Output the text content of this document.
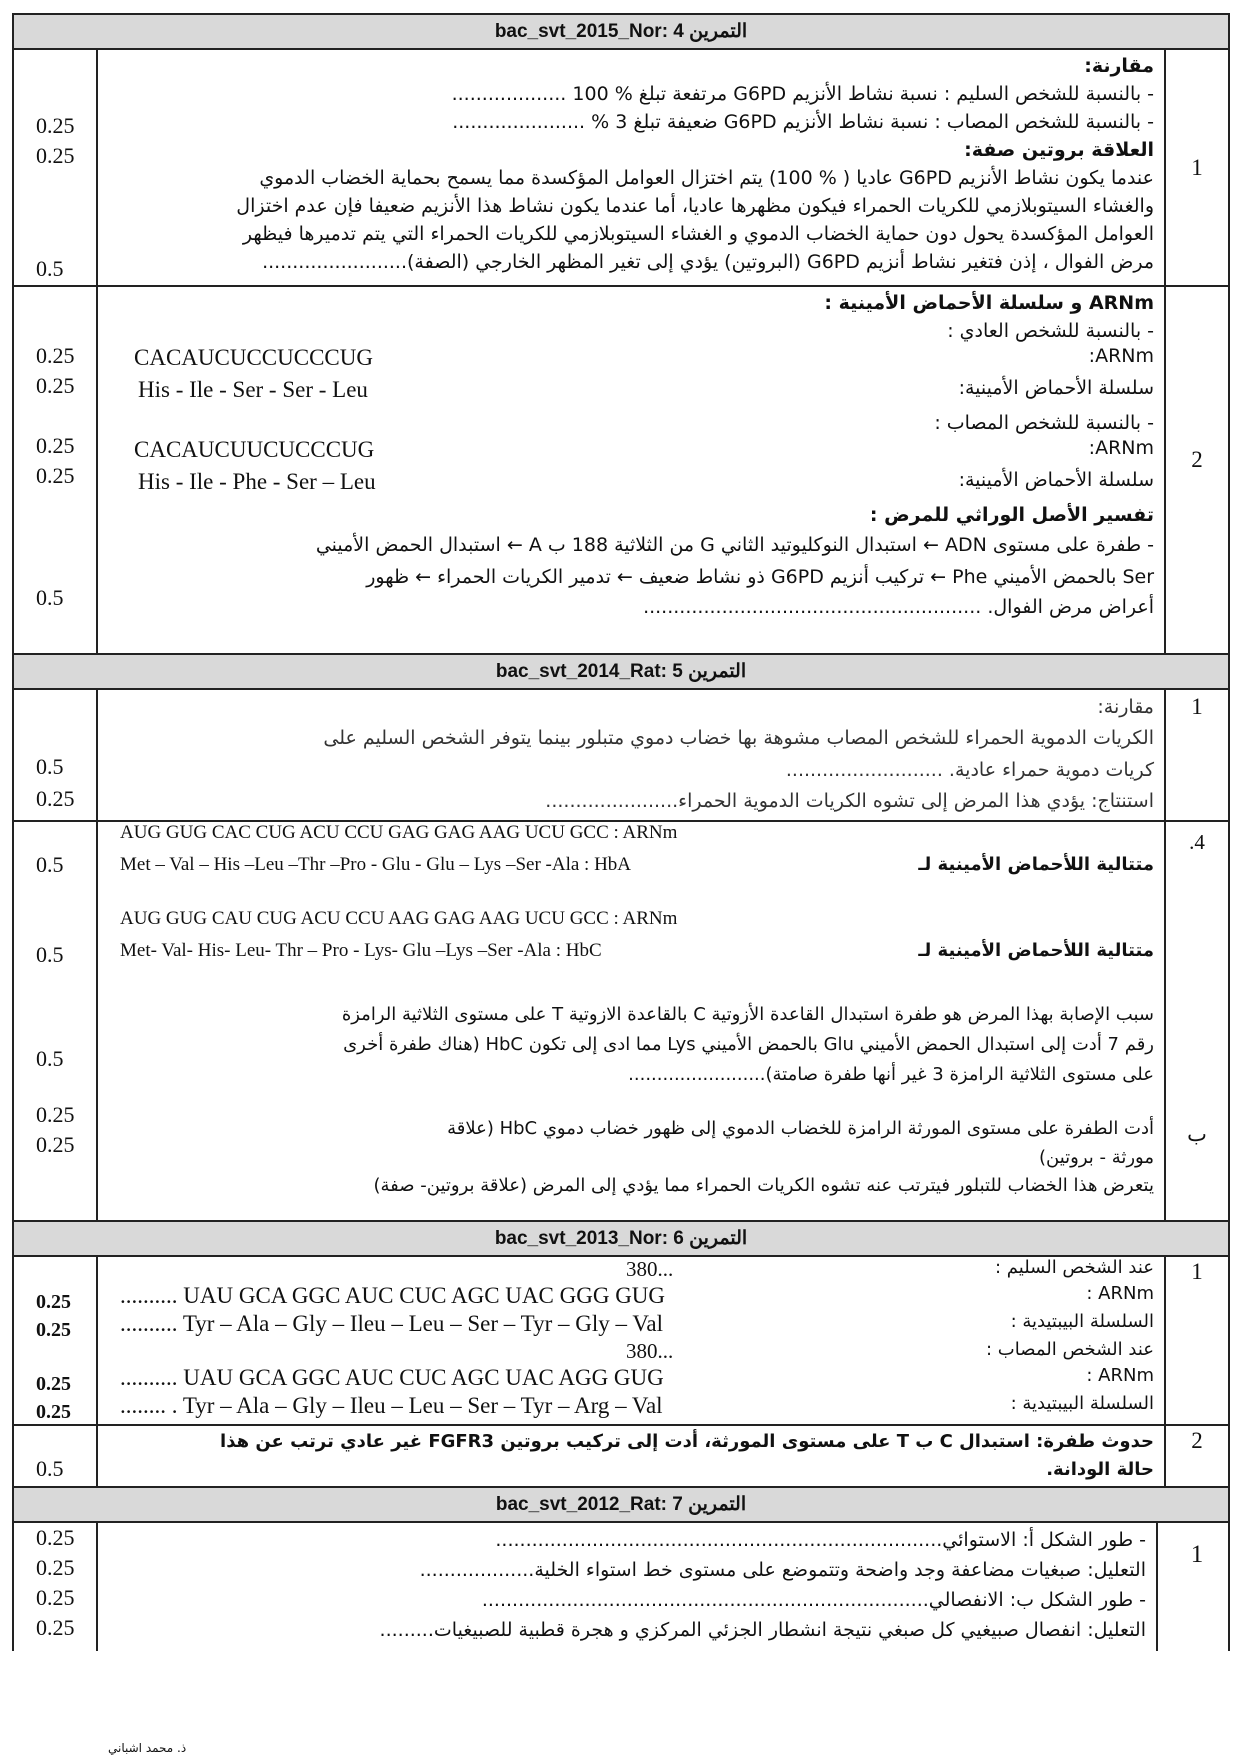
bac_svt_2015_Nor: 4 التمرين
0.25
0.25
0.5
مقارنة:
- بالنسبة للشخص السليم : نسبة نشاط الأنزيم G6PD مرتفعة تبلغ % 100 ...................
- بالنسبة للشخص المصاب : نسبة نشاط الأنزيم G6PD ضعيفة تبلغ 3 % ......................
العلاقة بروتين صفة:
عندما يكون نشاط الأنزيم G6PD عاديا ( % 100) يتم اختزال العوامل المؤكسدة مما يسمح بحماية الخضاب الدموي
والغشاء السيتوبلازمي للكريات الحمراء فيكون مظهرها عاديا، أما عندما يكون نشاط هذا الأنزيم ضعيفا فإن عدم اختزال
العوامل المؤكسدة يحول دون حماية الخضاب الدموي و الغشاء السيتوبلازمي للكريات الحمراء التي يتم تدميرها فيظهر
مرض الفوال ، إذن فتغير نشاط أنزيم G6PD (البروتين) يؤدي إلى تغير المظهر الخارجي (الصفة)........................
1
0.25
0.25
0.25
0.25
0.5
ARNm و سلسلة الأحماض الأمينية :
- بالنسبة للشخص العادي :
ARNm:
CACAUCUCCUCCCUG
سلسلة الأحماض الأمينية:
His - Ile - Ser - Ser - Leu
- بالنسبة للشخص المصاب :
ARNm:
CACAUCUUCUCCCUG
سلسلة الأحماض الأمينية:
His - Ile - Phe - Ser – Leu
تفسير الأصل الوراثي للمرض :
- طفرة على مستوى ADN ← استبدال النوكليوتيد الثاني G من الثلاثية 188 ب A ← استبدال الحمض الأميني
Ser بالحمض الأميني Phe ← تركيب أنزيم G6PD ذو نشاط ضعيف ← تدمير الكريات الحمراء ← ظهور
أعراض مرض الفوال. ........................................................
2
bac_svt_2014_Rat: 5 التمرين
0.5
0.25
مقارنة:
الكريات الدموية الحمراء للشخص المصاب مشوهة بها خضاب دموي متبلور بينما يتوفر الشخص السليم على
كريات دموية حمراء عادية. ..........................
استنتاج: يؤدي هذا المرض إلى تشوه الكريات الدموية الحمراء......................
1
0.5
0.5
0.5
0.25
0.25
AUG GUG CAC CUG ACU CCU GAG GAG AAG UCU GCC : ARNm
متتالية اللأحماض الأمينية لـ
Met – Val – His –Leu –Thr –Pro - Glu - Glu – Lys –Ser -Ala : HbA
AUG GUG CAU CUG ACU CCU AAG GAG AAG UCU GCC : ARNm
متتالية اللأحماض الأمينية لـ
Met- Val- His- Leu- Thr – Pro - Lys- Glu –Lys –Ser -Ala : HbC
سبب الإصابة بهذا المرض هو طفرة استبدال القاعدة الأزوتية C بالقاعدة الازوتية T على مستوى الثلاثية الرامزة
رقم 7 أدت إلى استبدال الحمض الأميني Glu بالحمض الأميني Lys مما ادى إلى تكون HbC (هناك طفرة أخرى
على مستوى الثلاثية الرامزة 3 غير أنها طفرة صامتة)........................
أدت الطفرة على مستوى المورثة الرامزة للخضاب الدموي إلى ظهور خضاب دموي HbC (علاقة
مورثة - بروتين)
يتعرض هذا الخضاب للتبلور فيترتب عنه تشوه الكريات الحمراء مما يؤدي إلى المرض (علاقة بروتين- صفة)
.4
ب
bac_svt_2013_Nor: 6 التمرين
0.25
0.25
0.25
0.25
عند الشخص السليم :
380...
ARNm :
.......... UAU GCA GGC AUC CUC AGC UAC GGG GUG
السلسلة البيبتيدية :
.......... Tyr – Ala – Gly – Ileu – Leu – Ser – Tyr – Gly – Val
عند الشخص المصاب :
380...
ARNm :
.......... UAU GCA GGC AUC CUC AGC UAC AGG GUG
السلسلة البيبتيدية :
........ . Tyr – Ala – Gly – Ileu – Leu – Ser – Tyr – Arg – Val
1
0.5
حدوث طفرة: استبدال C ب T على مستوى المورثة، أدت إلى تركيب بروتين FGFR3 غير عادي ترتب عن هذا
حالة الودانة.
2
bac_svt_2012_Rat: 7 التمرين
0.25
0.25
0.25
0.25
- طور الشكل أ: الاستوائي..........................................................................
التعليل: صبغيات مضاعفة وجد واضحة وتتموضع على مستوى خط استواء الخلية...................
- طور الشكل ب: الانفصالي..........................................................................
التعليل: انفصال صبيغيي كل صبغي نتيجة انشطار الجزئي المركزي و هجرة قطبية للصبيغيات.........
1
ذ. محمد اشباني
